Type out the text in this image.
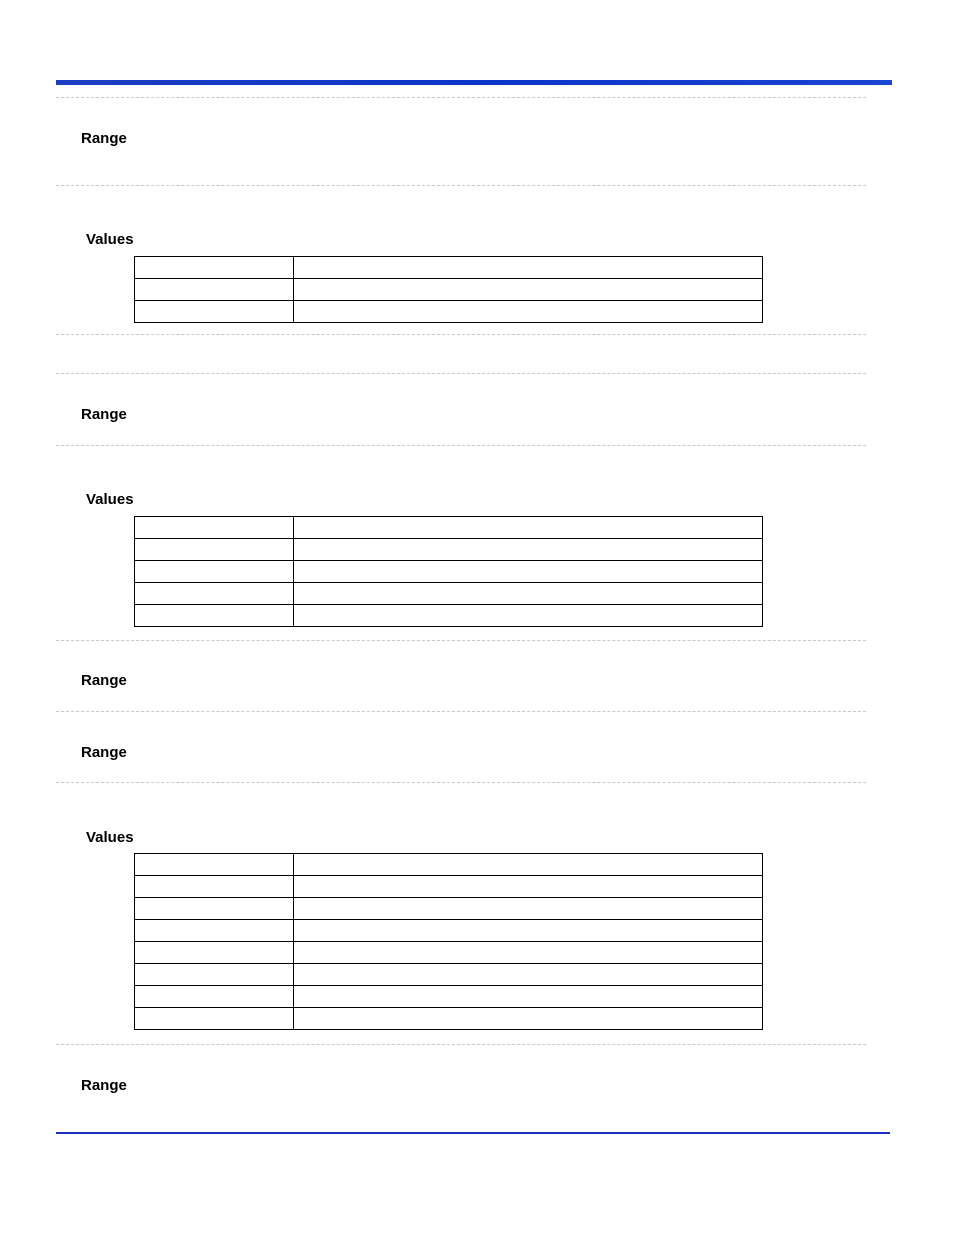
Range
Values

Range
Values

Range
Range
Values

Range
